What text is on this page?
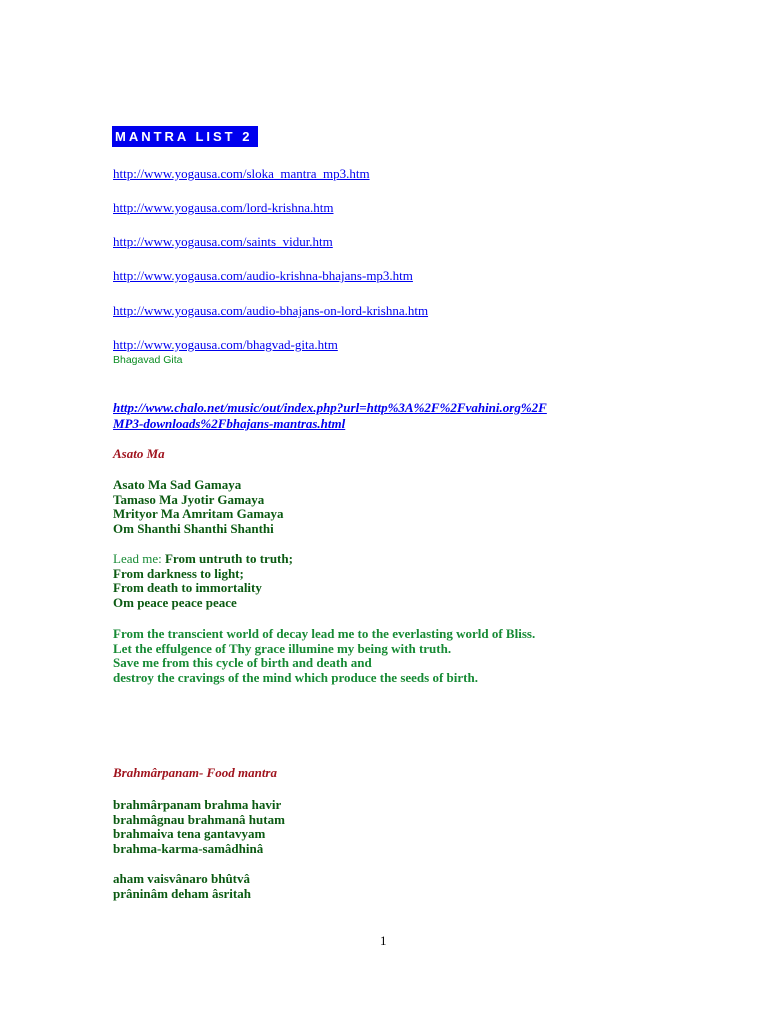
MANTRA LIST 2
http://www.yogausa.com/sloka_mantra_mp3.htm
http://www.yogausa.com/lord-krishna.htm
http://www.yogausa.com/saints_vidur.htm
http://www.yogausa.com/audio-krishna-bhajans-mp3.htm
http://www.yogausa.com/audio-bhajans-on-lord-krishna.htm
http://www.yogausa.com/bhagvad-gita.htm
Bhagavad Gita
http://www.chalo.net/music/out/index.php?url=http%3A%2F%2Fvahini.org%2F
MP3-downloads%2Fbhajans-mantras.html
Asato Ma
Asato Ma Sad Gamaya
Tamaso Ma Jyotir Gamaya
Mrityor Ma Amritam Gamaya
Om Shanthi Shanthi Shanthi
Lead me: From untruth to truth;
From darkness to light;
From death to immortality
Om peace peace peace
From the transcient world of decay lead me to the everlasting world of Bliss.
Let the effulgence of Thy grace illumine my being with truth.
Save me from this cycle of birth and death and
destroy the cravings of the mind which produce the seeds of birth.
Brahmârpanam- Food mantra
brahmârpanam brahma havir
brahmâgnau brahmanâ hutam
brahmaiva tena gantavyam
brahma-karma-samâdhinâ
aham vaisvânaro bhûtvâ
prâninâm deham âsritah
1
